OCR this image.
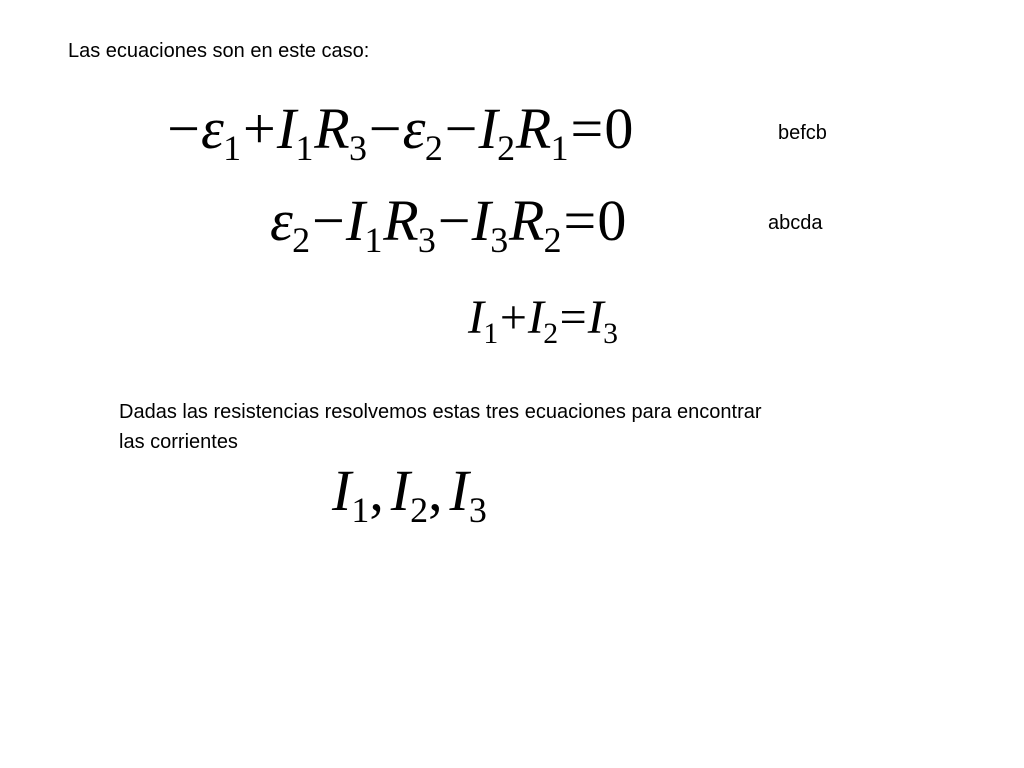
Las ecuaciones son en este caso:
−ε1+I1R3−ε2−I2R1=0	befcb
ε2−I1R3−I3R2=0	abcda
I1+I2=I3
Dadas las resistencias resolvemos estas tres ecuaciones para encontrar
las corrientes
I1, I2, I3
